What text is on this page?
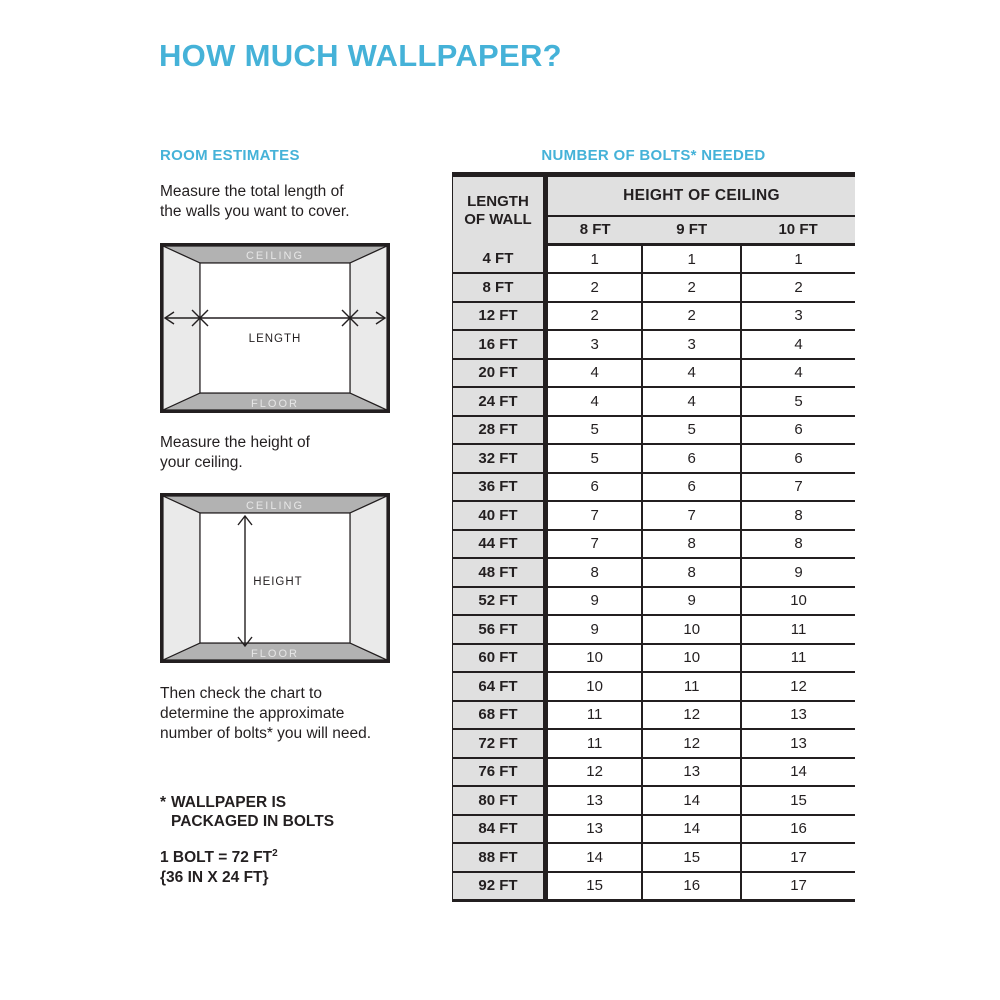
HOW MUCH WALLPAPER?
ROOM ESTIMATES
Measure the total length of
the walls you want to cover.
CEILING
FLOOR
LENGTH
Measure the height of
your ceiling.
CEILING
FLOOR
HEIGHT
Then check the chart to
determine the approximate
number of bolts* you will need.
* WALLPAPER IS
PACKAGED IN BOLTS
1 BOLT = 72 $FT^2$
{36 IN X 24 FT}
NUMBER OF BOLTS* NEEDED
LENGTH
OF WALL	HEIGHT OF CEILING		
	8 FT	9 FT	10 FT
4 FT	1	1	1
8 FT	2	2	2
12 FT	2	2	3
16 FT	3	3	4
20 FT	4	4	4
24 FT	4	4	5
28 FT	5	5	6
32 FT	5	6	6
36 FT	6	6	7
40 FT	7	7	8
44 FT	7	8	8
48 FT	8	8	9
52 FT	9	9	10
56 FT	9	10	11
60 FT	10	10	11
64 FT	10	11	12
68 FT	11	12	13
72 FT	11	12	13
76 FT	12	13	14
80 FT	13	14	15
84 FT	13	14	16
88 FT	14	15	17
92 FT	15	16	17
